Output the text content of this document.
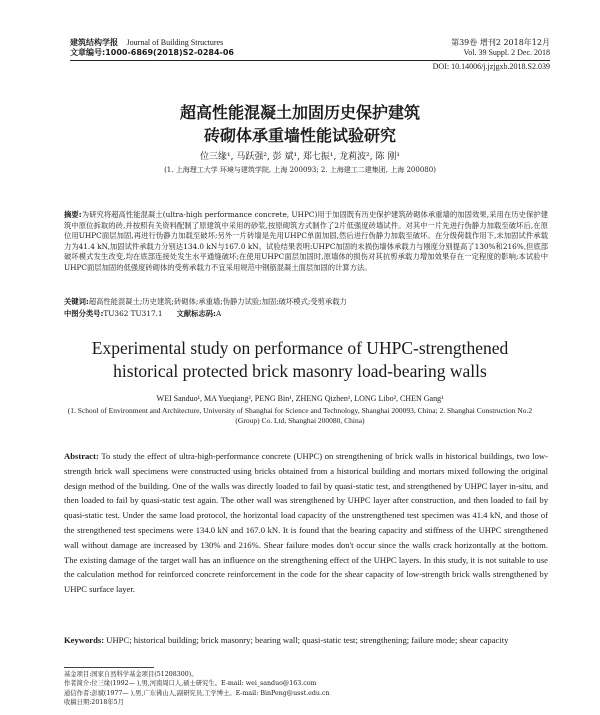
建筑结构学报 Journal of Building Structures	第39卷 增刊2 2018年12月
文章编号:1000-6869(2018)S2-0284-06	Vol. 39 Suppl. 2 Dec. 2018
DOI: 10.14006/j.jzjgxb.2018.S2.039
超高性能混凝土加固历史保护建筑
砖砌体承重墙性能试验研究
位三缘¹, 马跃强², 彭 斌¹, 郑七振¹, 龙莉波², 陈 刚¹
(1. 上海理工大学 环境与建筑学院, 上海 200093; 2. 上海建工二建集团, 上海 200080)
摘要:为研究将超高性能混凝土(ultra-high performance concrete, UHPC)用于加固既有历史保护建筑砖砌体承重墙的加固效果,采用在历史保护建筑中原位拆取的砖,并按照有关资料配制了原建筑中采用的砂浆,按原砌筑方式制作了2片低强度砖墙试件。对其中一片先进行伪静力加载至破坏后,在原位用UHPC面层加固,再进行伪静力加载至破坏;另外一片砖墙是先用UHPC单面加固,然后进行伪静力加载至破坏。在分级荷载作用下,未加固试件承载力为41.4 kN,加固试件承载力分别达134.0 kN与167.0 kN。试验结果表明:UHPC加固的未损伤墙体承载力与刚度分别提高了130%和216%,但底部破坏模式发生改变,均在底部连接处发生水平通缝破坏;在使用UHPC面层加固时,原墙体的损伤对其抗剪承载力增加效果存在一定程度的影响;本试验中UHPC面层加固的低强度砖砌体的受剪承载力不宜采用规范中钢筋混凝土面层加固的计算方法。
关键词:超高性能混凝土;历史建筑;砖砌体;承重墙;伪静力试验;加固;破坏模式;受剪承载力
中图分类号:TU362 TU317.1 文献标志码:A
Experimental study on performance of UHPC-strengthened
historical protected brick masonry load-bearing walls
WEI Sanduo¹, MA Yueqiang², PENG Bin¹, ZHENG Qizhen¹, LONG Libo², CHEN Gang¹
(1. School of Environment and Architecture, University of Shanghai for Science and Technology, Shanghai 200093, China; 2. Shanghai Construction No.2 (Group) Co. Ltd, Shanghai 200080, China)
Abstract: To study the effect of ultra-high-performance concrete (UHPC) on strengthening of brick walls in historical buildings, two low-strength brick wall specimens were constructed using bricks obtained from a historical building and mortars mixed following the original design method of the building. One of the walls was directly loaded to fail by quasi-static test, and strengthened by UHPC layer in-situ, and then loaded to fail by quasi-static test again. The other wall was strengthened by UHPC layer after construction, and then loaded to fail by quasi-static test. Under the same load protocol, the horizontal load capacity of the unstrengthened test specimen was 41.4 kN, and those of the strengthened test specimens were 134.0 kN and 167.0 kN. It is found that the bearing capacity and stiffness of the UHPC strengthened wall without damage are increased by 130% and 216%. Shear failure modes don't occur since the walls crack horizontally at the bottom. The existing damage of the target wall has an influence on the strengthening effect of the UHPC layers. In this study, it is not suitable to use the calculation method for reinforced concrete reinforcement in the code for the shear capacity of low-strength brick walls strengthened by UHPC surface layer.
Keywords: UHPC; historical building; brick masonry; bearing wall; quasi-static test; strengthening; failure mode; shear capacity
基金项目:国家自然科学基金项目(51208300)。
作者简介:位三缘(1992— ),男,河南周口人,硕士研究生。E-mail: wei_sanduo@163.com
通信作者:彭斌(1977— ),男,广东佛山人,副研究员,工学博士。E-mail: BinPeng@usst.edu.cn
收稿日期:2018年5月
